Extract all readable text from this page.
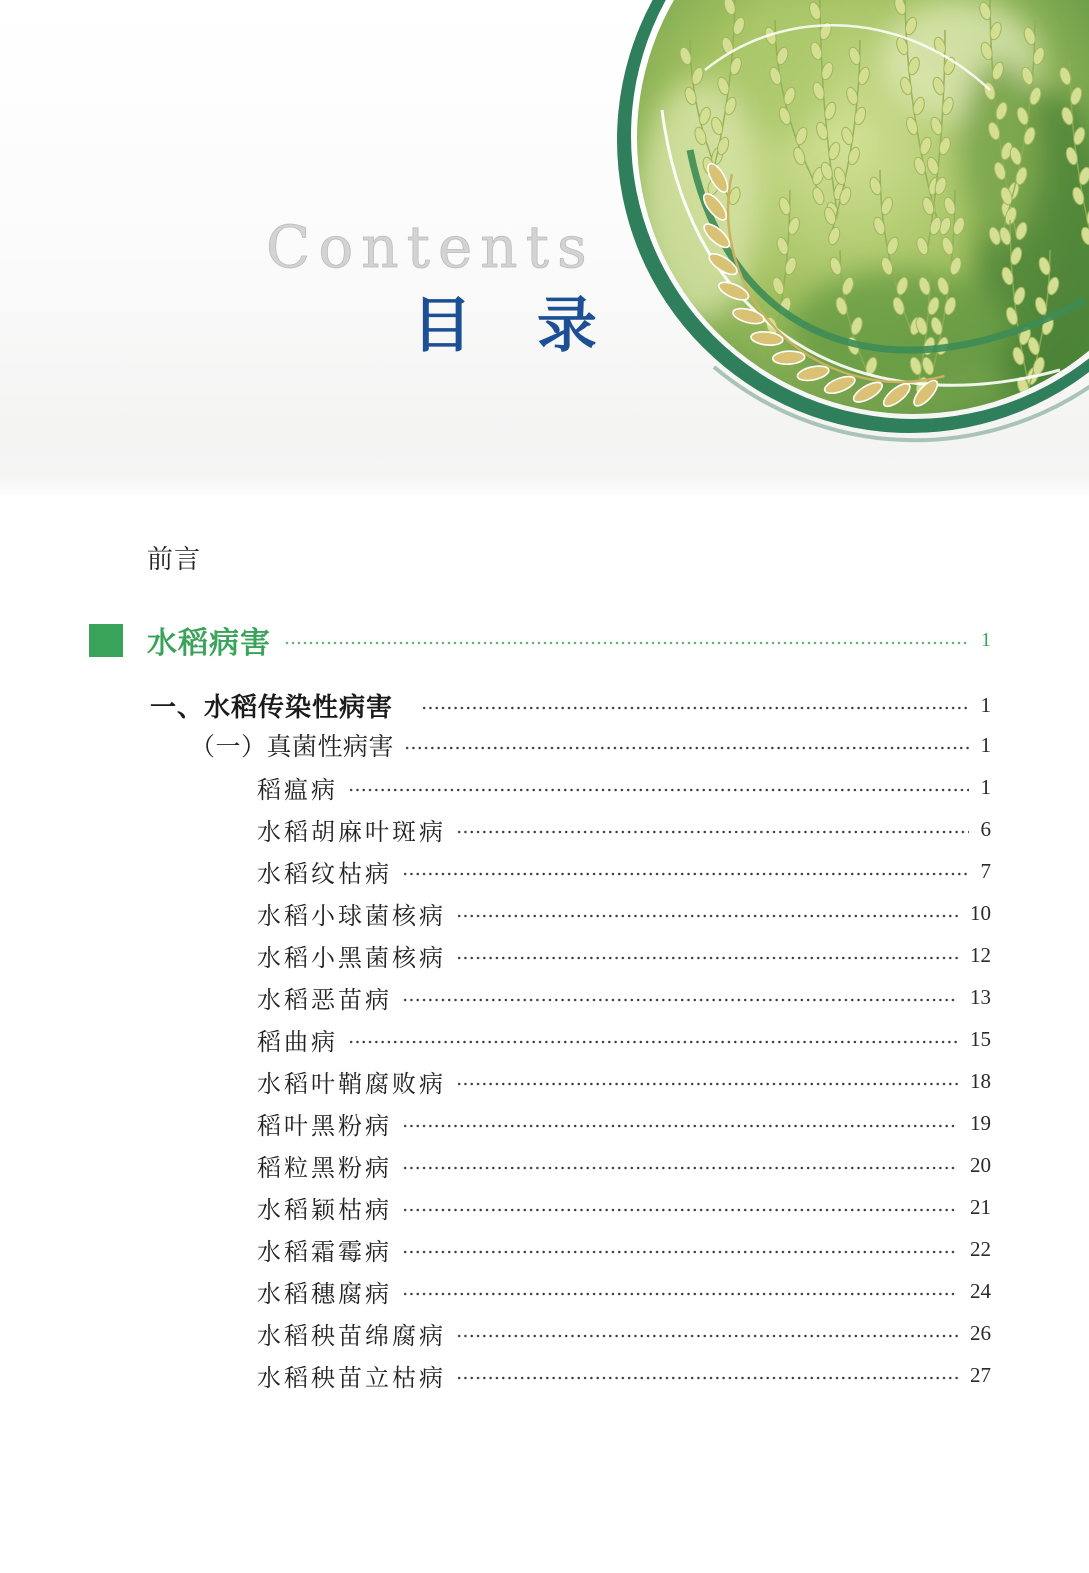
Contents
目 录
前言
水稻病害	1
一、水稻传染性病害	1
（一）真菌性病害	1
稻瘟病	1
水稻胡麻叶斑病	6
水稻纹枯病	7
水稻小球菌核病	10
水稻小黑菌核病	12
水稻恶苗病	13
稻曲病	15
水稻叶鞘腐败病	18
稻叶黑粉病	19
稻粒黑粉病	20
水稻颖枯病	21
水稻霜霉病	22
水稻穗腐病	24
水稻秧苗绵腐病	26
水稻秧苗立枯病	27
